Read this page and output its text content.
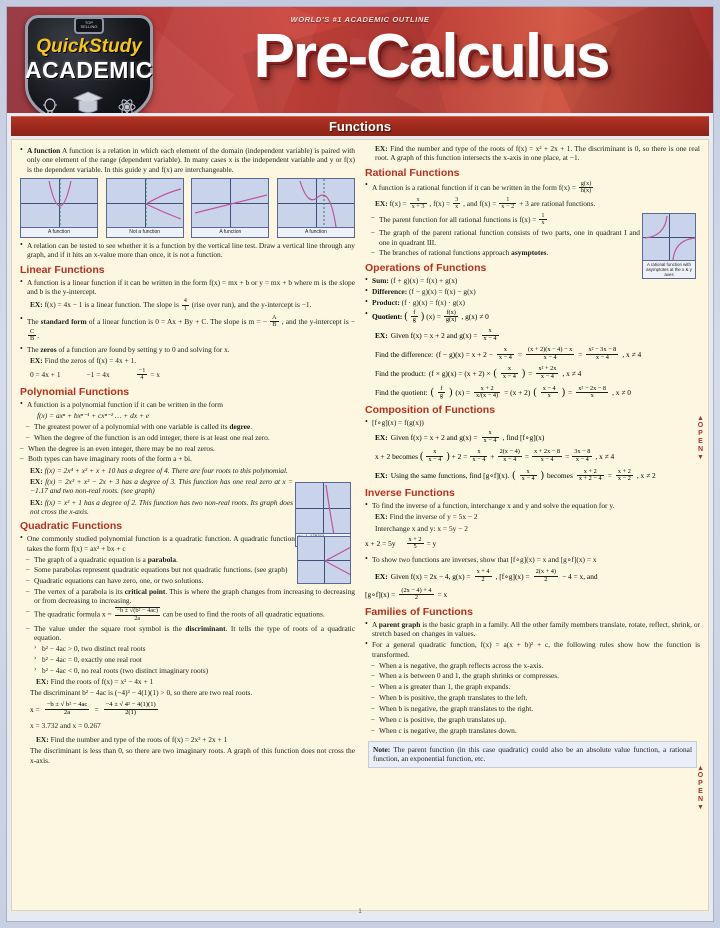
WORLD'S #1 ACADEMIC OUTLINE
Pre-Calculus
TOP
SELLING
QuickStudy
ACADEMIC
Functions

• A function A function is a relation in which each element of the domain (independent variable) is paired with only one element of the range (dependent variable). In many cases x is the independent variable and y or f(x) is the dependent variable. In this guide y and f(x) are interchangeable.

A function	Not a function	A function	A function

• A relation can be tested to see whether it is a function by the vertical line test. Draw a vertical line through any graph, and if it hits an x-value more than once, it is not a function.

Linear Functions

• A function is a linear function if it can be written in the form f(x) = mx + b or y = mx + b where m is the slope and b is the y-intercept.

EX: f(x) = 4x − 1 is a linear function. The slope is $\frac{4}{1}$ (rise over run), and the y-intercept is −1.

• The standard form of a linear function is 0 = Ax + By + C. The slope is m = − $\frac{A}{B}$ , and the y-intercept is −
$\frac{C}{B}$ .

• The zeros of a function are found by setting y to 0 and solving for x.

EX: Find the zeros of f(x) = 4x + 1.

0 = 4x + 1	−1 = 4x	$\frac{-1}{4} = x$

Polynomial Functions

• A function is a polynomial function if it can be written in the form

f(x) = axⁿ + bxⁿ⁻¹ + cxⁿ⁻² … + dx + e

– The greatest power of a polynomial with one variable is called its degree.

– When the degree of the function is an odd integer, there is at least one real zero.

– When the degree is an even integer, there may be no real zeros.

– Both types can have imaginary roots of the form a + bi.

EX: f(x) = 2x⁴ + x² + x + 10 has a degree of 4. There are four roots to this polynomial.

EX: f(x) = 2x³ + x² − 2x + 3 has a degree of 3. This function has one real zero at x = −1.17 and two non-real roots. (see graph)

EX: f(x) = x² + 1 has a degree of 2. This function has two non-real roots. Its graph does not cross the x-axis.

Quadratic Functions

• One commonly studied polynomial function is a quadratic function. A quadratic function takes the form f(x) = ax² + bx + c

– The graph of a quadratic equation is a parabola.

– Some parabolas represent quadratic equations but not quadratic functions. (see graph)

– Quadratic equations can have zero, one, or two solutions.

– The vertex of a parabola is its critical point. This is where the graph changes from increasing to decreasing or from decreasing to increasing.

– The quadratic formula $x = \frac{\text{−b ± √(b² − 4ac)}}{2a}$ can be used to find the roots of all quadratic equations.

– The value under the square root symbol is the discriminant. It tells the type of roots of a quadratic equation.

› b² − 4ac > 0, two distinct real roots

› b² − 4ac = 0, exactly one real root

› b² − 4ac < 0, no real roots (two distinct imaginary roots)

EX: Find the roots of f(x) = x² − 4x + 1

The discriminant b² − 4ac is (−4)² − 4(1)(1) > 0, so there are two real roots.

$x = \frac{\text{−b ± √ b² − 4ac}}{2a} = \frac{\text{−4 ± √ 4² − 4(1)(1)}}{2(1)}$

x = 3.732 and x = 0.267

EX: Find the number and type of the roots of f(x) = 2x² + 2x + 1

The discriminant is less than 0, so there are two imaginary roots. A graph of this function does not cross the x-axis.

EX: Find the number and type of the roots of f(x) = x² + 2x + 1. The discriminant is 0, so there is one real root. A graph of this function intersects the x-axis in one place, at −1.

Rational Functions

• A function is a rational function if it can be written in the form $f(x) = \frac{g(x)}{h(x)}$

EX: $f(x) = \frac{x}{x + 3}$ , $f(x) = \frac{3}{x}$ , and $f(x) = \frac{1}{x - 2} + 3$ are rational functions.

A rational function with asymptotes at the x & y axes

– The parent function for all rational functions is $f(x) = \frac{1}{x}$

– The graph of the parent rational function consists of two parts, one in quadrant I and one in quadrant III.

– The branches of rational functions approach asymptotes.

Operations of Functions

• Sum: (f + g)(x) = f(x) + g(x)

• Difference: (f − g)(x) = f(x) − g(x)

• Product: (f · g)(x) = f(x) · g(x)

• Quotient: ( $\frac{f}{g}$ ) $(x) = \frac{f(x)}{g(x)}$ , g(x) ≠ 0
EX: Given f(x) = x + 2 and $g(x) = \frac{x}{x - 4}$
Find the difference: $(f - g)(x) = x + 2 - \frac{x}{x - 4} = \frac{(x + 2)(x - 4) - x}{x - 4} = \frac{\text{x² − 3x − 8}}{x - 4}$ , x ≠ 4
Find the product: (f × g)(x) = (x + 2) × ( $\frac{x}{x - 4}$ ) = $\frac{\text{x² + 2x}}{x - 4}$ , x ≠ 4
Find the quotient: ( $\frac{f}{g}$ ) $(x) = \frac{x + 2}{x/(x - 4)} = (x + 2)$ ( $\frac{x - 4}{x}$ ) = $\frac{\text{x² − 2x − 8}}{x}$ , x ≠ 0
Composition of Functions

• [f∘g](x) = f(g(x))

EX: Given f(x) = x + 2 and $g(x) = \frac{x}{x - 4}$ , find [f∘g](x)
x + 2 becomes ( $\frac{x}{x - 4}$ ) + $2 = \frac{x}{x - 4} + \frac{2(x - 4)}{x - 4} = \frac{x + 2x - 8}{x - 4} = \frac{3x - 8}{x - 4}$ , x ≠ 4
EX: Using the same functions, find [g∘f](x). ( $\frac{x}{x - 4}$ ) becomes $\frac{x + 2}{x + 2 - 4} = \frac{x + 2}{x - 2}$ , x ≠ 2
Inverse Functions

• To find the inverse of a function, interchange x and y and solve the equation for y.

EX: Find the inverse of y = 5x − 2

Interchange x and y: x = 5y − 2

$x + 2 = 5y \frac{x + 2}{5} = y$

• To show two functions are inverses, show that [f∘g](x) = x and [g∘f](x) = x

EX: Given f(x) = 2x − 4, $g(x) = \frac{x + 4}{2}$ , [f∘g](x) = $\frac{2(x + 4)}{2} - 4 = x$, and
[g∘f](x) = $\frac{(2x - 4) + 4}{2} = x$
Families of Functions

• A parent graph is the basic graph in a family. All the other family members translate, rotate, reflect, shrink, or stretch based on changes in values.

• For a general quadratic function, f(x) = a(x + b)² + c, the following rules show how the function is transformed.

– When a is negative, the graph reflects across the x-axis.

– When a is between 0 and 1, the graph shrinks or compresses.

– When a is greater than 1, the graph expands.

– When b is positive, the graph translates to the left.

– When b is negative, the graph translates to the right.

– When c is positive, the graph translates up.

– When c is negative, the graph translates down.

Note: The parent function (in this case quadratic) could also be an absolute value function, a rational function, an exponential function, etc.

▲
O
P
E
N
▼
▲
O
P
E
N
▼
1
